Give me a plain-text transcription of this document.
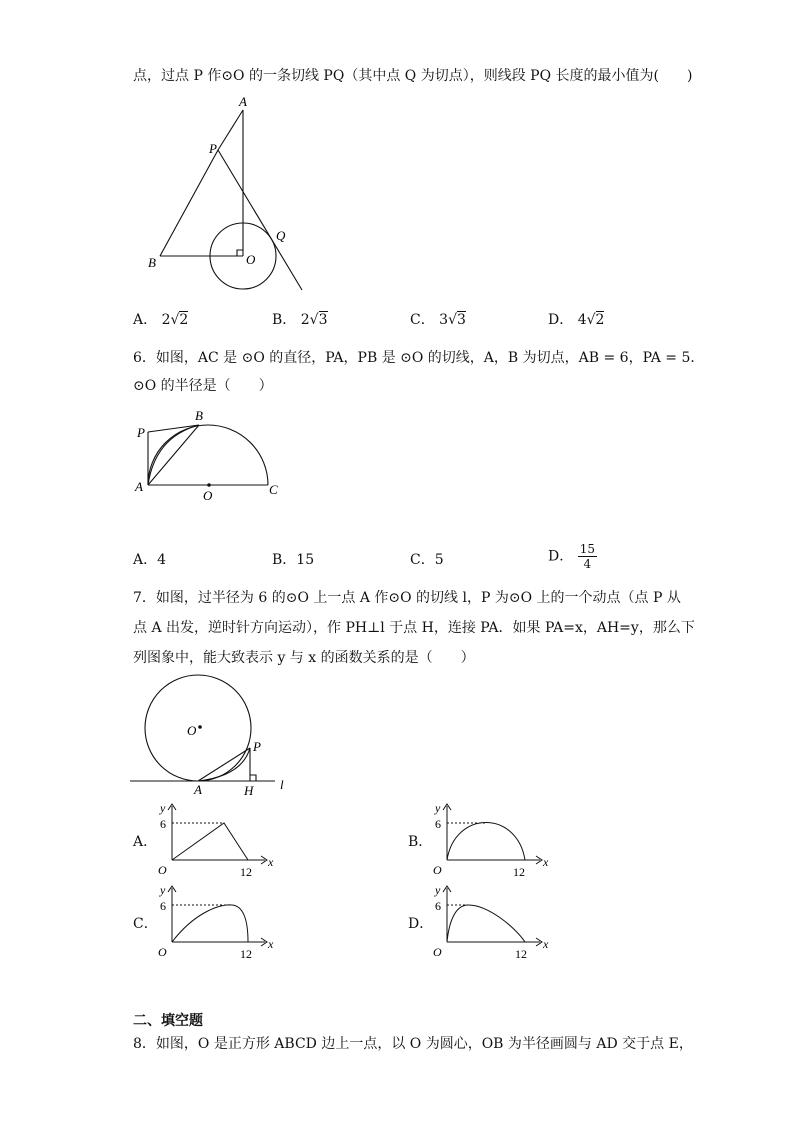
点，过点 P 作⊙O 的一条切线 PQ（其中点 Q 为切点），则线段 PQ 长度的最小值为(　　)
A
P
Q
B	O
A． 2√2	B． 2√3	C． 3√3	D． 4√2
6．如图，AC 是 ⊙O 的直径，PA，PB 是 ⊙O 的切线，A，B 为切点，AB = 6，PA = 5．
⊙O 的半径是（　　）
P
B
A
O	C
A．4	B．15	C．5	D． $\frac{15}{4}$
7．如图，过半径为 6 的⊙O 上一点 A 作⊙O 的切线 l，P 为⊙O 上的一个动点（点 P 从
点 A 出发，逆时针方向运动），作 PH⊥l 于点 H，连接 PA．如果 PA=x，AH=y，那么下
列图象中，能大致表示 y 与 x 的函数关系的是（　　）
O
P
A	H l
A．	B．
C．	D．
y
6
O	12
x
y
6
O	12
x
y
6
O	12
x
y
6
O	12
x
二、填空题
8．如图，O 是正方形 ABCD 边上一点，以 O 为圆心，OB 为半径画圆与 AD 交于点 E，
